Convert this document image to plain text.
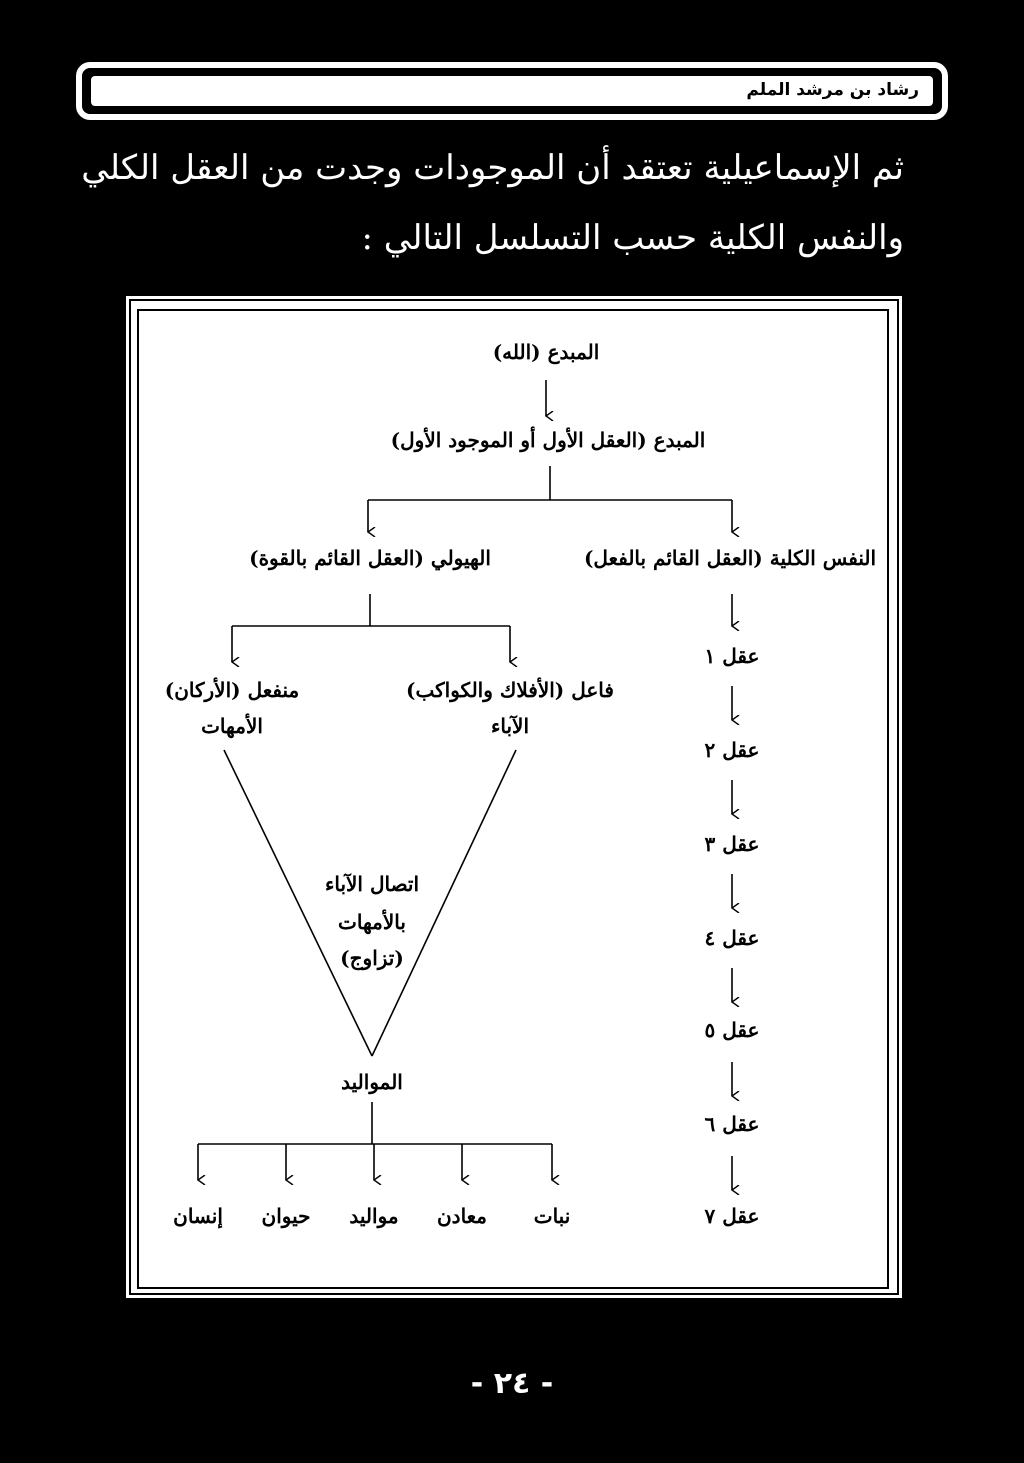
رشاد بن مرشد الملم
ثم الإسماعيلية تعتقد أن الموجودات وجدت من العقل الكلي
والنفس الكلية حسب التسلسل التالي :
المبدع (الله)
المبدع (العقل الأول أو الموجود الأول)
الهيولي (العقل القائم بالقوة)	النفس الكلية (العقل القائم بالفعل)
فاعل (الأفلاك والكواكب)
الآباء
منفعل (الأركان)
الأمهات
اتصال الآباء
بالأمهات
(تزاوج)
المواليد
إنسان حيوان موالید معادن نبات
عقل ١
عقل ٢
عقل ٣
عقل ٤
عقل ٥
عقل ٦
عقل ٧
- ٢٤ -
